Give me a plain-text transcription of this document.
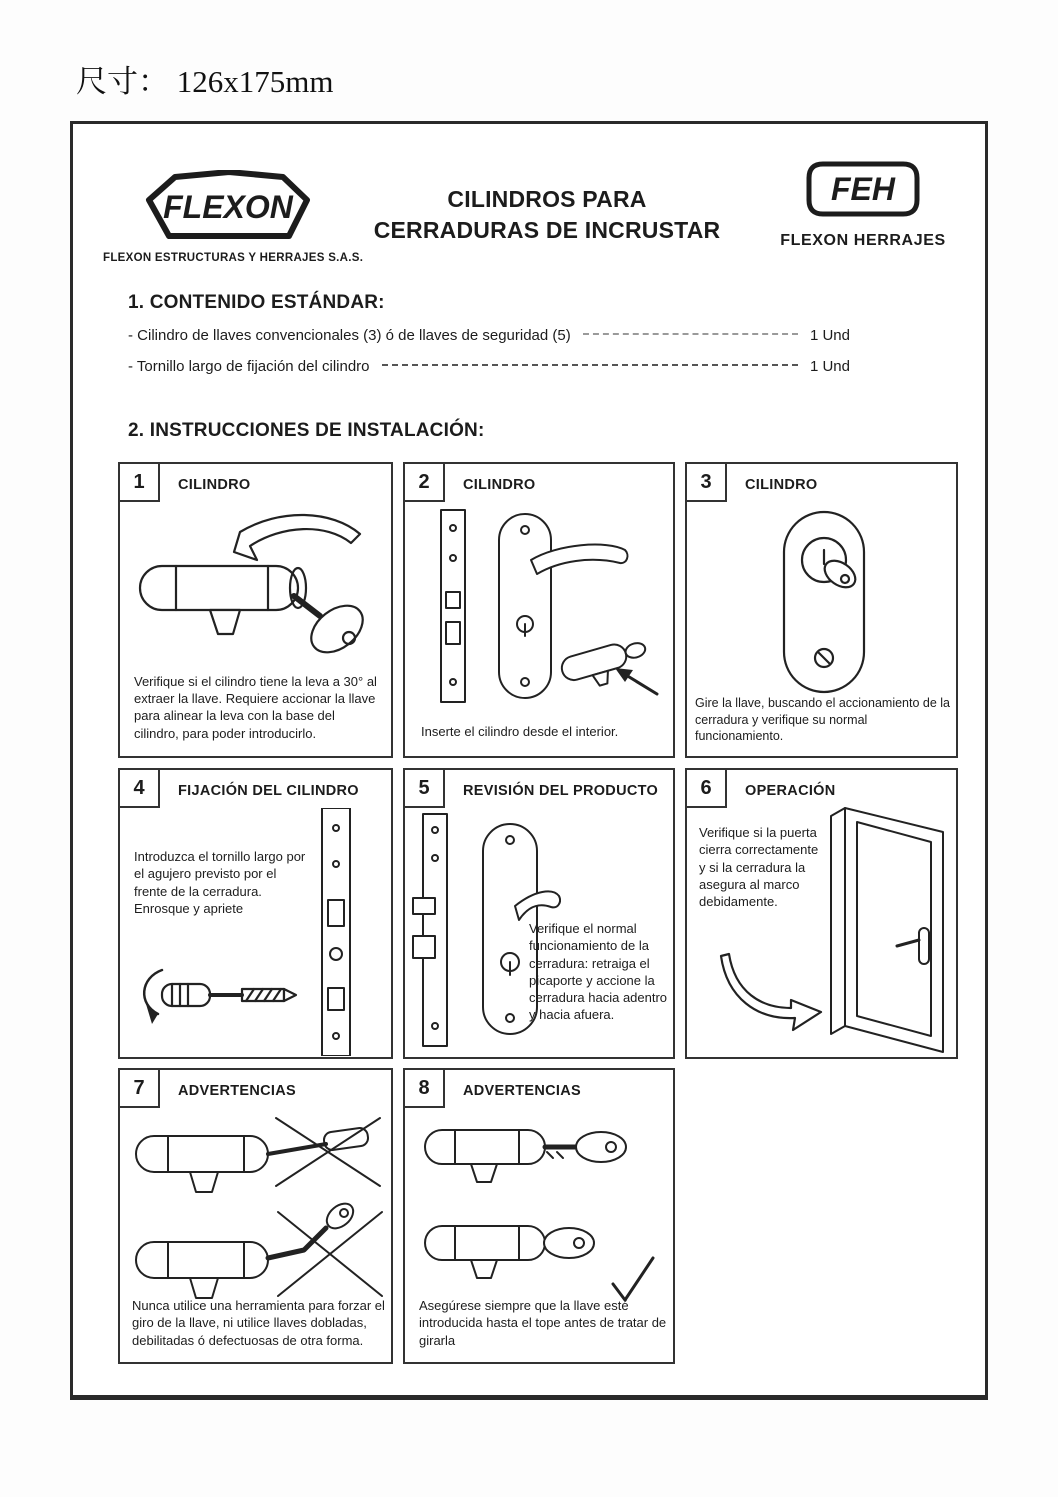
尺寸： 126x175mm
FLEXON
FLEXON ESTRUCTURAS Y HERRAJES S.A.S.
CILINDROS PARA
CERRADURAS DE INCRUSTAR
FEH
FLEXON HERRAJES
1. CONTENIDO ESTÁNDAR:
- Cilindro de llaves convencionales (3) ó de llaves de seguridad (5)	1 Und
- Tornillo largo de fijación del cilindro	1 Und
2. INSTRUCCIONES DE INSTALACIÓN:
1	CILINDRO
Verifique si el cilindro tiene la leva a 30° al extraer la llave. Requiere accionar la llave para alinear la leva con la base del cilindro, para poder introducirlo.
2	CILINDRO
Inserte el cilindro desde el interior.
3	CILINDRO
Gire la llave, buscando el accionamiento de la cerradura y verifique su normal funcionamiento.
4	FIJACIÓN DEL CILINDRO
Introduzca el tornillo largo por el agujero previsto por el frente de la cerradura. Enrosque y apriete
5	REVISIÓN DEL PRODUCTO
Verifique el normal funcionamiento de la cerradura: retraiga el picaporte y accione la cerradura hacia adentro y hacia afuera.
6	OPERACIÓN
Verifique si la puerta cierra correctamente y si la cerradura la asegura al marco debidamente.
7	ADVERTENCIAS
Nunca utilice una herramienta para forzar el giro de la llave, ni utilice llaves dobladas, debilitadas ó defectuosas de otra forma.
8	ADVERTENCIAS
Asegúrese siempre que la llave esté introducida hasta el tope antes de tratar de girarla
